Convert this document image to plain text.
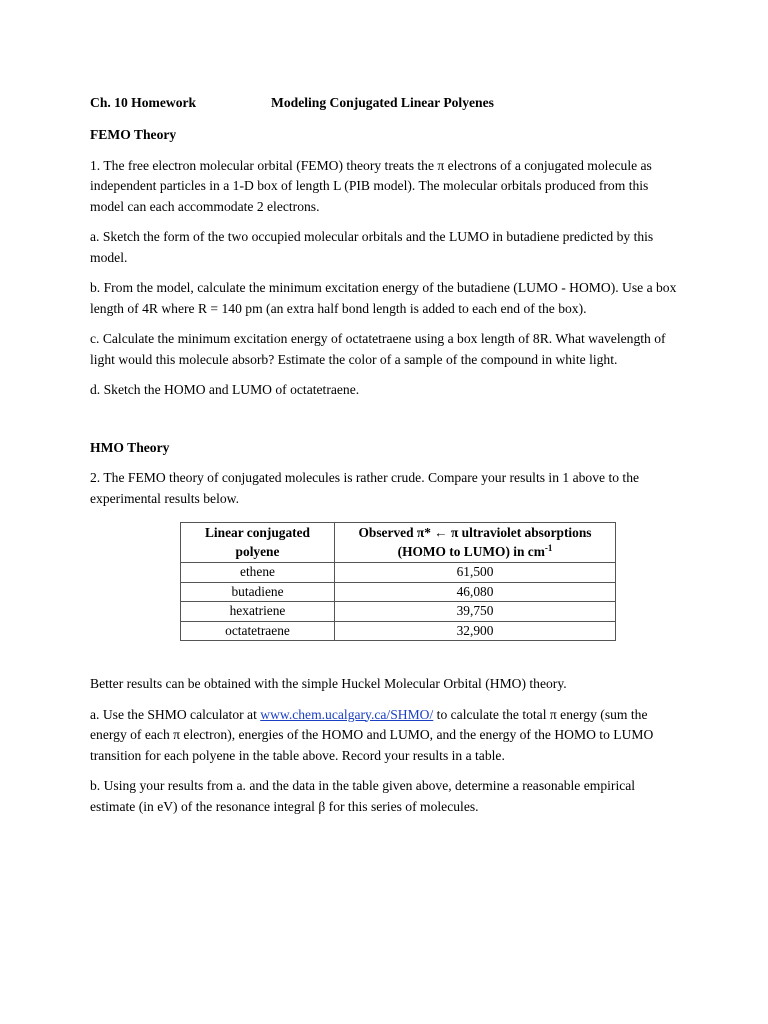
Ch. 10 Homework	Modeling Conjugated Linear Polyenes
FEMO Theory

1. The free electron molecular orbital (FEMO) theory treats the π electrons of a conjugated molecule as independent particles in a 1-D box of length L (PIB model). The molecular orbitals produced from this model can each accommodate 2 electrons.

a. Sketch the form of the two occupied molecular orbitals and the LUMO in butadiene predicted by this model.

b. From the model, calculate the minimum excitation energy of the butadiene (LUMO - HOMO). Use a box length of 4R where R = 140 pm (an extra half bond length is added to each end of the box).

c. Calculate the minimum excitation energy of octatetraene using a box length of 8R. What wavelength of light would this molecule absorb? Estimate the color of a sample of the compound in white light.

d. Sketch the HOMO and LUMO of octatetraene.

HMO Theory

2. The FEMO theory of conjugated molecules is rather crude. Compare your results in 1 above to the experimental results below.

Linear conjugated polyene	Observed π* ← π ultraviolet absorptions (HOMO to LUMO) in $cm^{-1}$
ethene	61,500
butadiene	46,080
hexatriene	39,750
octatetraene	32,900

Better results can be obtained with the simple Huckel Molecular Orbital (HMO) theory.

a. Use the SHMO calculator at www.chem.ucalgary.ca/SHMO/ to calculate the total π energy (sum the energy of each π electron), energies of the HOMO and LUMO, and the energy of the HOMO to LUMO transition for each polyene in the table above. Record your results in a table.

b. Using your results from a. and the data in the table given above, determine a reasonable empirical estimate (in eV) of the resonance integral β for this series of molecules.
